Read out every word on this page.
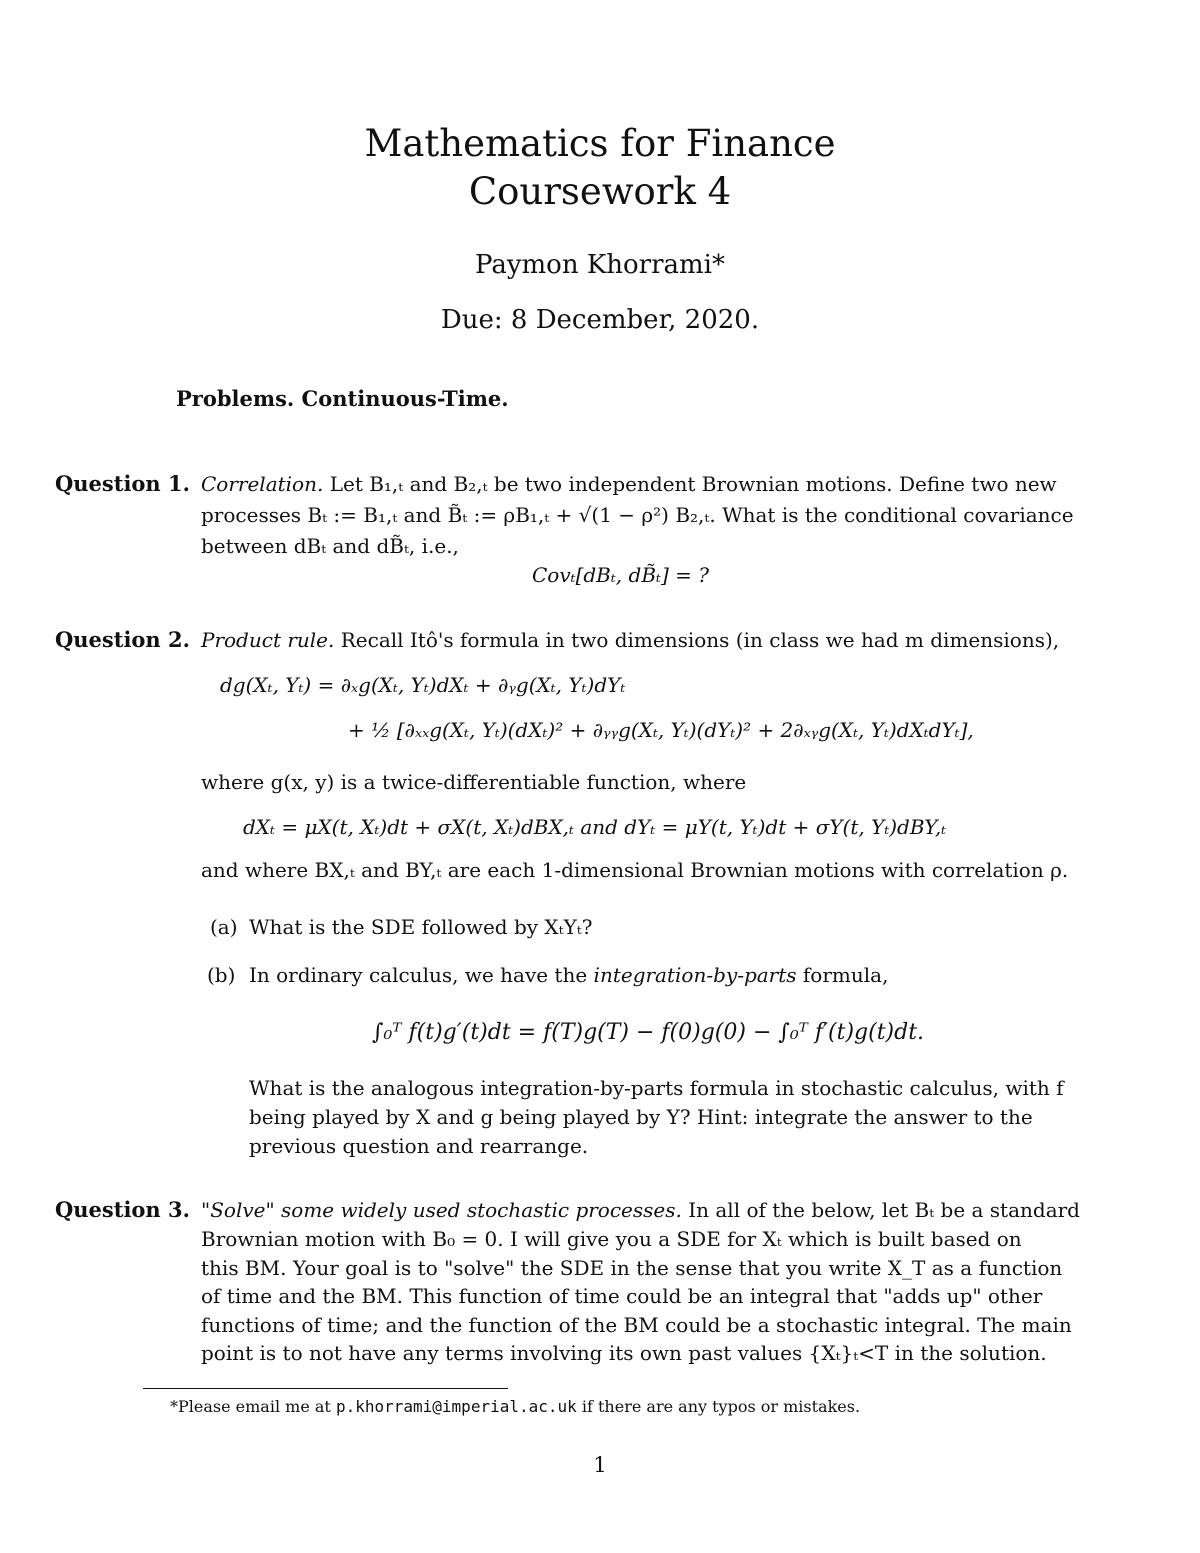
Mathematics for Finance
Coursework 4
Paymon Khorrami*
Due: 8 December, 2020.
Problems. Continuous-Time.
Question 1. Correlation. Let B₁,ₜ and B₂,ₜ be two independent Brownian motions. Define two new
processes Bₜ := B₁,ₜ and B̃ₜ := ρB₁,ₜ + √(1 − ρ²) B₂,ₜ. What is the conditional covariance
between dBₜ and dB̃ₜ, i.e.,
Covₜ[dBₜ, dB̃ₜ] = ?
Question 2. Product rule. Recall Itô's formula in two dimensions (in class we had m dimensions),
dg(Xₜ, Yₜ) = ∂ₓg(Xₜ, Yₜ)dXₜ + ∂ᵧg(Xₜ, Yₜ)dYₜ
+ ½ [∂ₓₓg(Xₜ, Yₜ)(dXₜ)² + ∂ᵧᵧg(Xₜ, Yₜ)(dYₜ)² + 2∂ₓᵧg(Xₜ, Yₜ)dXₜdYₜ],
where g(x, y) is a twice-differentiable function, where
dXₜ = μX(t, Xₜ)dt + σX(t, Xₜ)dBX,ₜ and dYₜ = μY(t, Yₜ)dt + σY(t, Yₜ)dBY,ₜ
and where BX,ₜ and BY,ₜ are each 1-dimensional Brownian motions with correlation ρ.
(a) What is the SDE followed by XₜYₜ?
(b) In ordinary calculus, we have the integration-by-parts formula,
∫₀ᵀ f(t)g′(t)dt = f(T)g(T) − f(0)g(0) − ∫₀ᵀ f′(t)g(t)dt.
What is the analogous integration-by-parts formula in stochastic calculus, with f
being played by X and g being played by Y? Hint: integrate the answer to the
previous question and rearrange.
Question 3. "Solve" some widely used stochastic processes. In all of the below, let Bₜ be a standard
Brownian motion with B₀ = 0. I will give you a SDE for Xₜ which is built based on
this BM. Your goal is to "solve" the SDE in the sense that you write X_T as a function
of time and the BM. This function of time could be an integral that "adds up" other
functions of time; and the function of the BM could be a stochastic integral. The main
point is to not have any terms involving its own past values {Xₜ}ₜ<T in the solution.
*Please email me at p.khorrami@imperial.ac.uk if there are any typos or mistakes.
1
